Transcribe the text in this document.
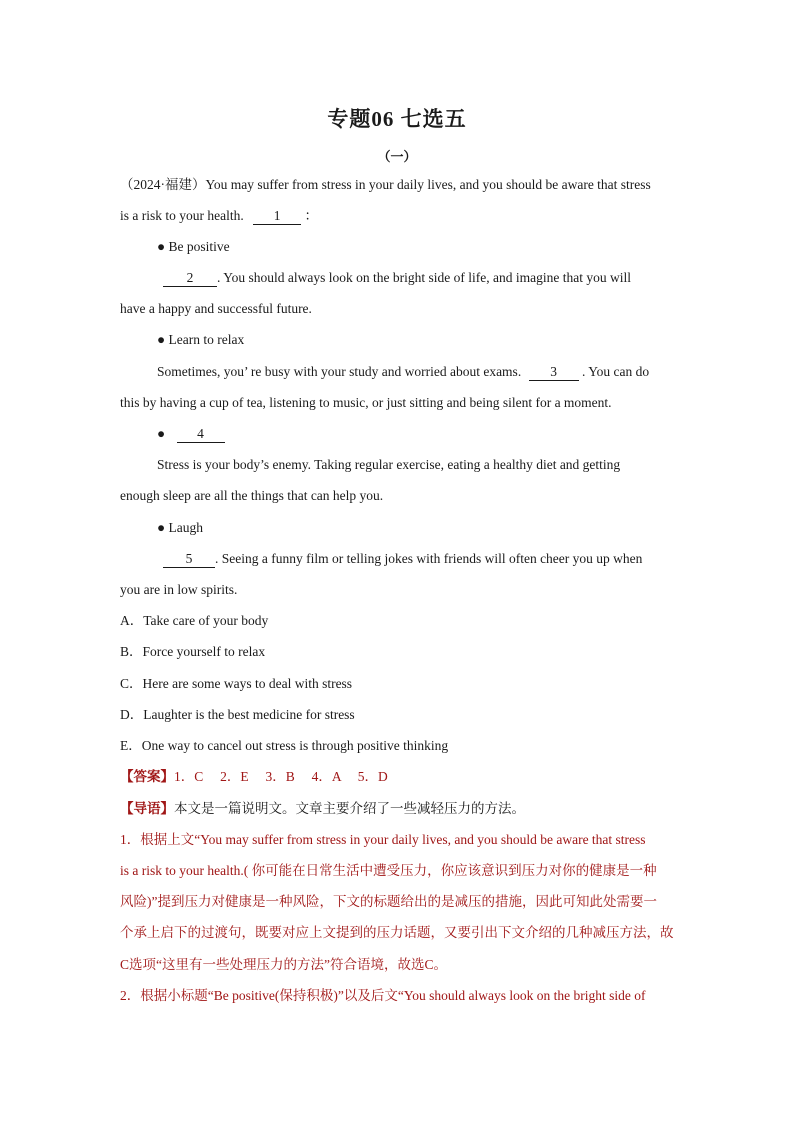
专题06 七选五
（一）
（2024·福建）You may suffer from stress in your daily lives, and you should be aware that stress
is a risk to your health. 1 ：
● Be positive
2 . You should always look on the bright side of life, and imagine that you will
have a happy and successful future.
● Learn to relax
Sometimes, you’ re busy with your study and worried about exams. 3 . You can do
this by having a cup of tea, listening to music, or just sitting and being silent for a moment.
● 4
Stress is your body’s enemy. Taking regular exercise, eating a healthy diet and getting
enough sleep are all the things that can help you.
● Laugh
5 . Seeing a funny film or telling jokes with friends will often cheer you up when
you are in low spirits.
A．Take care of your body
B．Force yourself to relax
C．Here are some ways to deal with stress
D．Laughter is the best medicine for stress
E．One way to cancel out stress is through positive thinking
【答案】1．C　 2．E　 3．B　 4．A　 5．D
【导语】本文是一篇说明文。文章主要介绍了一些减轻压力的方法。
1．根据上文“You may suffer from stress in your daily lives, and you should be aware that stress
is a risk to your health.( 你可能在日常生活中遭受压力，你应该意识到压力对你的健康是一种
风险)”提到压力对健康是一种风险，下文的标题给出的是减压的措施，因此可知此处需要一
个承上启下的过渡句，既要对应上文提到的压力话题，又要引出下文介绍的几种减压方法，故
C选项“这里有一些处理压力的方法”符合语境，故选C。
2．根据小标题“Be positive(保持积极)”以及后文“You should always look on the bright side of
